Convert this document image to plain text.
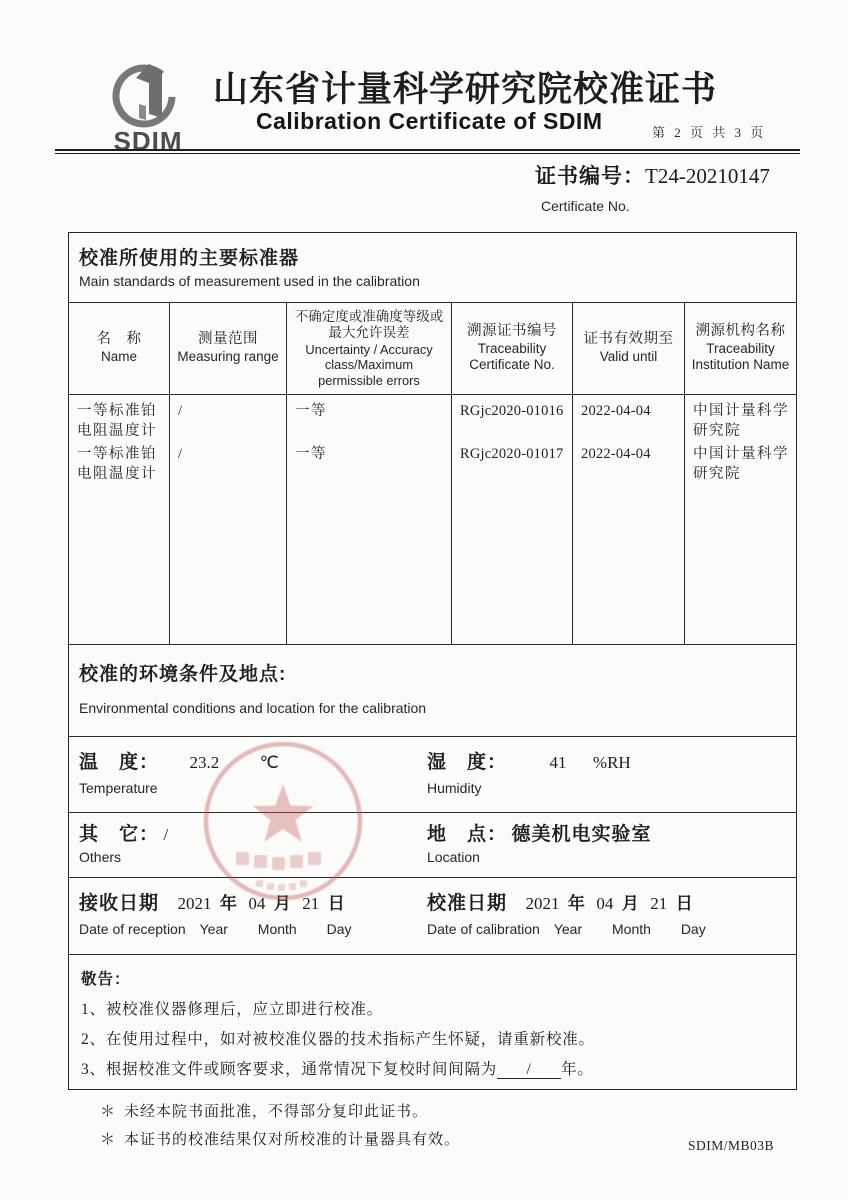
SDIM
山东省计量科学研究院校准证书
Calibration Certificate of SDIM	第 2 页 共 3 页
证书编号：T24-20210147
Certificate No.
校准所使用的主要标准器
Main standards of measurement used in the calibration
名　称
Name
测量范围
Measuring range
不确定度或准确度等级或最大允许误差
Uncertainty / Accuracy class/Maximum permissible errors
溯源证书编号
Traceability Certificate No.
证书有效期至
Valid until
溯源机构名称
Traceability Institution Name
一等标准铂电阻温度计
一等标准铂电阻温度计
/
/
一等
一等
RGjc2020-01016
RGjc2020-01017
2022-04-04
2022-04-04
中国计量科学研究院
中国计量科学研究院
校准的环境条件及地点:
Environmental conditions and location for the calibration
温　度： 23.2 ℃
Temperature
湿　度： 41 %RH
Humidity
其　它： /
Others
地　点： 德美机电实验室
Location
接收日期 2021 年 04 月 21 日
Date of reception Year Month Day
校准日期 2021 年 04 月 21 日
Date of calibration Year Month Day
敬告：
1、被校准仪器修理后，应立即进行校准。
2、在使用过程中，如对被校准仪器的技术指标产生怀疑，请重新校准。
3、根据校准文件或顾客要求，通常情况下复校时间间隔为 / 年。
＊ 未经本院书面批准，不得部分复印此证书。
＊ 本证书的校准结果仅对所校准的计量器具有效。	SDIM/MB03B
